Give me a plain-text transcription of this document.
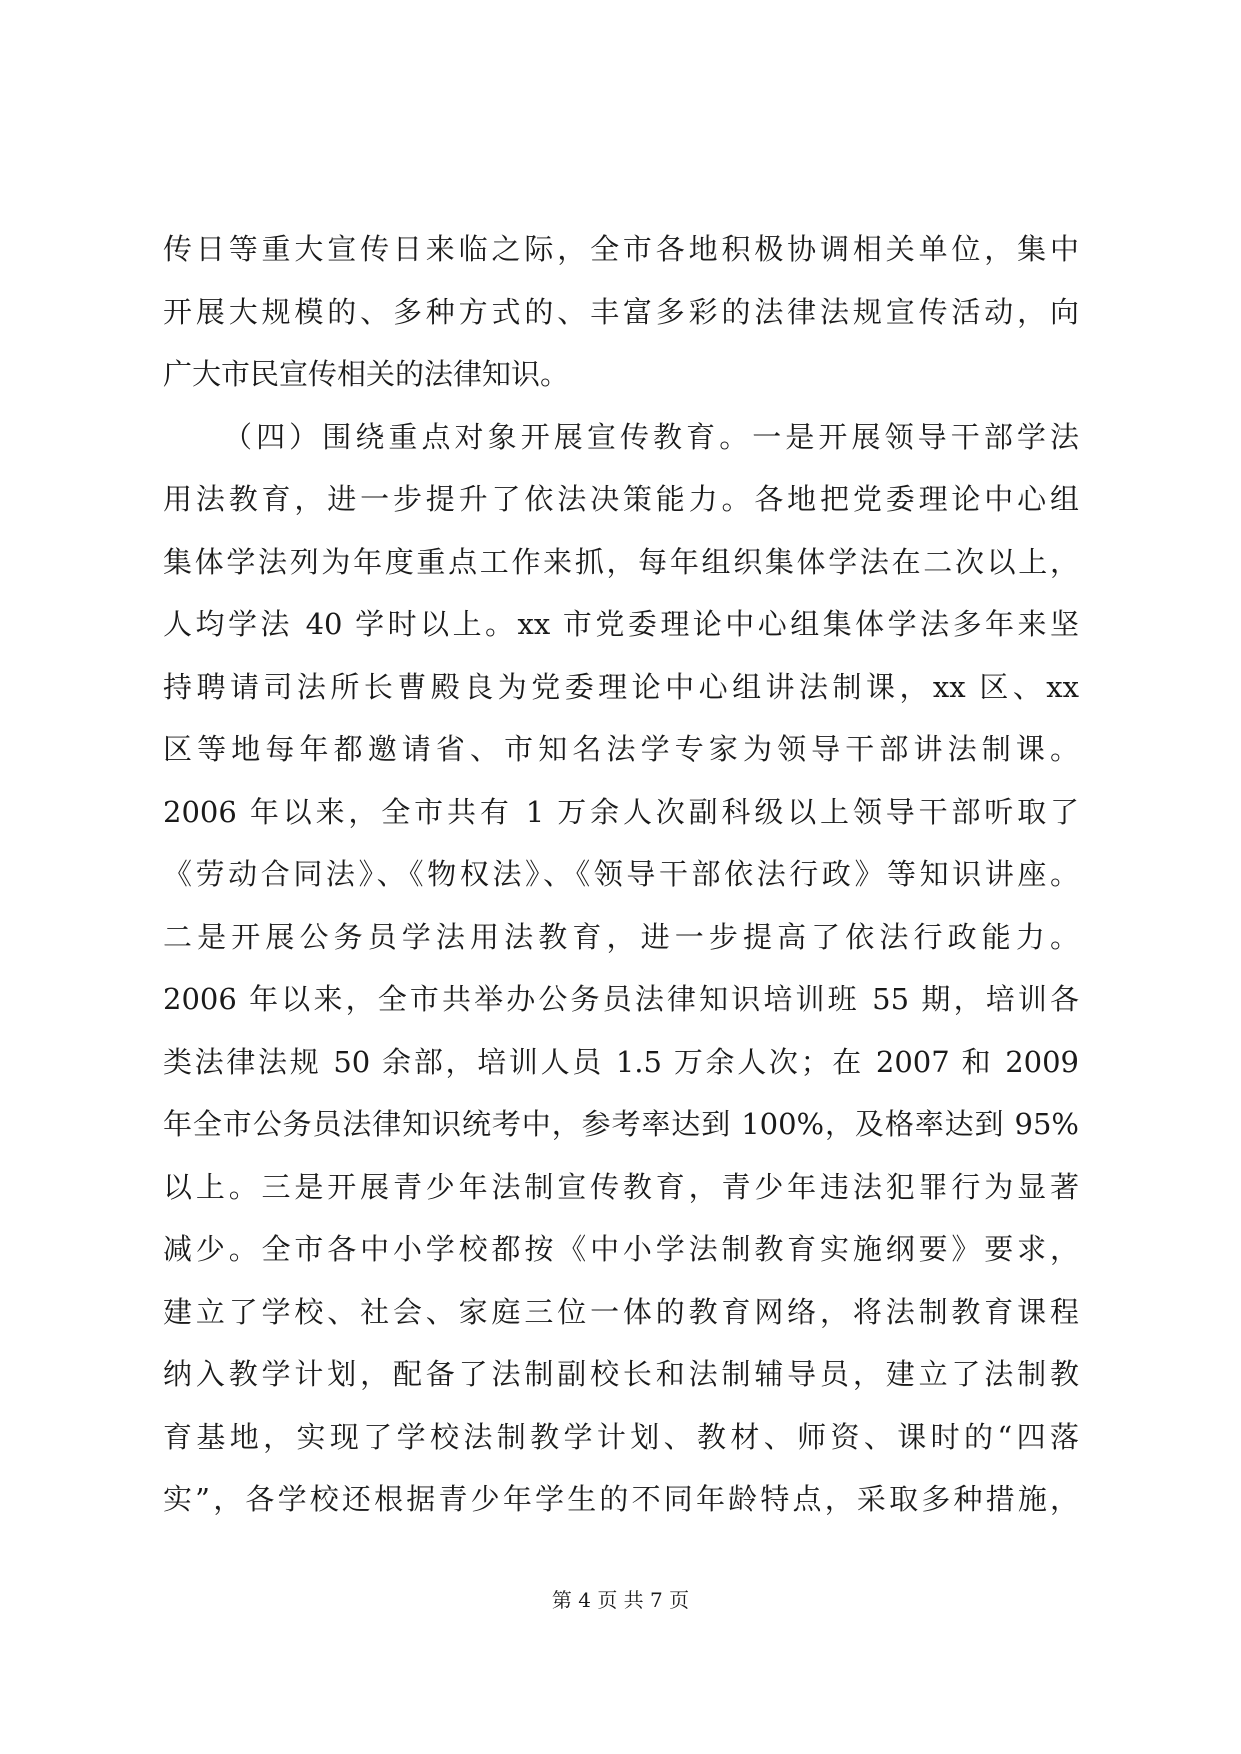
传日等重大宣传日来临之际，全市各地积极协调相关单位，集中
开展大规模的、多种方式的、丰富多彩的法律法规宣传活动，向
广大市民宣传相关的法律知识。
（四）围绕重点对象开展宣传教育。一是开展领导干部学法
用法教育，进一步提升了依法决策能力。各地把党委理论中心组
集体学法列为年度重点工作来抓，每年组织集体学法在二次以上，
人均学法 40 学时以上。xx 市党委理论中心组集体学法多年来坚
持聘请司法所长曹殿良为党委理论中心组讲法制课，xx 区、xx
区等地每年都邀请省、市知名法学专家为领导干部讲法制课。
2006 年以来，全市共有 1 万余人次副科级以上领导干部听取了
《劳动合同法》、《物权法》、《领导干部依法行政》等知识讲座。
二是开展公务员学法用法教育，进一步提高了依法行政能力。
2006 年以来，全市共举办公务员法律知识培训班 55 期，培训各
类法律法规 50 余部，培训人员 1.5 万余人次；在 2007 和 2009
年全市公务员法律知识统考中，参考率达到 100%，及格率达到 95%
以上。三是开展青少年法制宣传教育，青少年违法犯罪行为显著
减少。全市各中小学校都按《中小学法制教育实施纲要》要求，
建立了学校、社会、家庭三位一体的教育网络，将法制教育课程
纳入教学计划，配备了法制副校长和法制辅导员，建立了法制教
育基地，实现了学校法制教学计划、教材、师资、课时的“四落
实”，各学校还根据青少年学生的不同年龄特点，采取多种措施，
第 4 页 共 7 页
